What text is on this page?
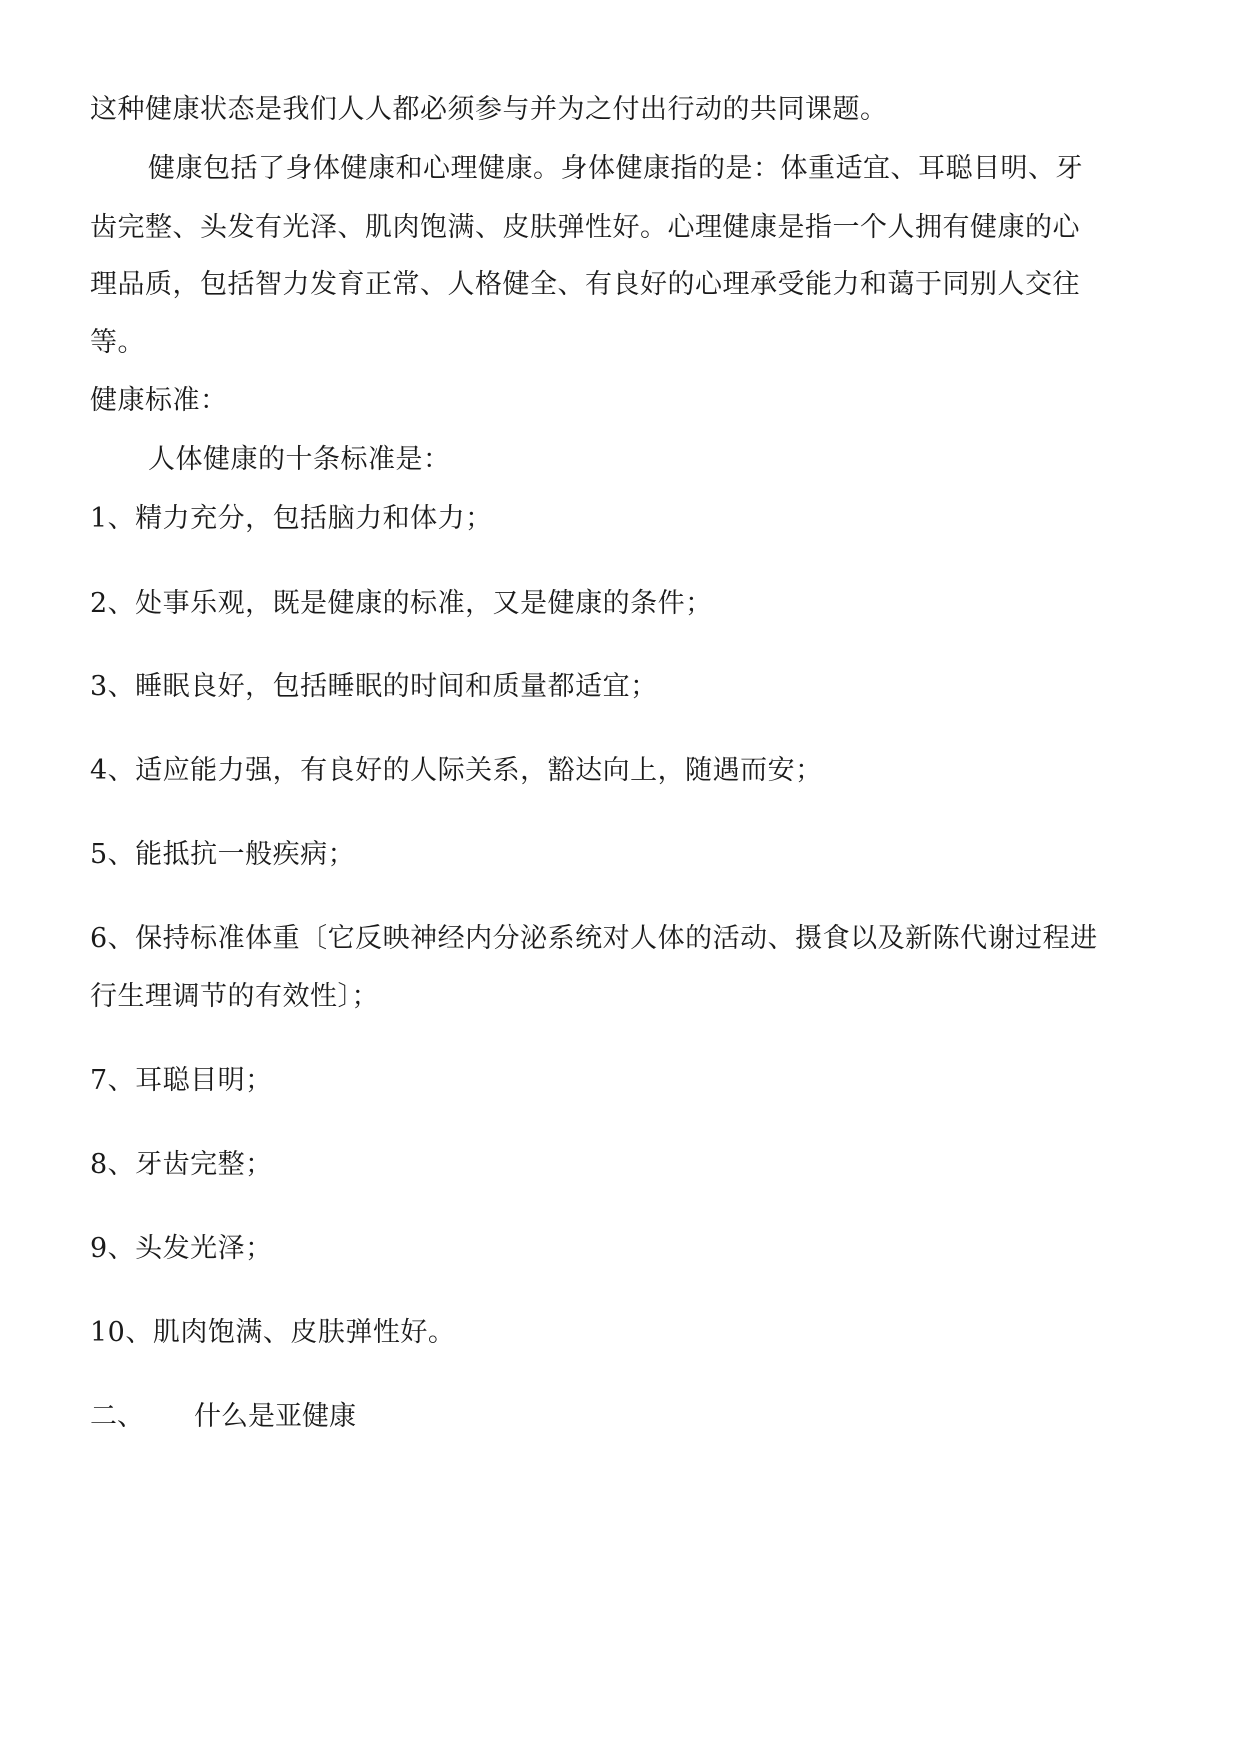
这种健康状态是我们人人都必须参与并为之付出行动的共同课题。
健康包括了身体健康和心理健康。身体健康指的是：体重适宜、耳聪目明、牙
齿完整、头发有光泽、肌肉饱满、皮肤弹性好。心理健康是指一个人拥有健康的心
理品质，包括智力发育正常、人格健全、有良好的心理承受能力和蔼于同别人交往
等。
健康标准：
人体健康的十条标准是：
1、精力充分，包括脑力和体力；
2、处事乐观，既是健康的标准，又是健康的条件；
3、睡眠良好，包括睡眠的时间和质量都适宜；
4、适应能力强，有良好的人际关系，豁达向上，随遇而安；
5、能抵抗一般疾病；
6、保持标准体重〔它反映神经内分泌系统对人体的活动、摄食以及新陈代谢过程进
行生理调节的有效性〕；
7、耳聪目明；
8、牙齿完整；
9、头发光泽；
10、肌肉饱满、皮肤弹性好。
二、 什么是亚健康
